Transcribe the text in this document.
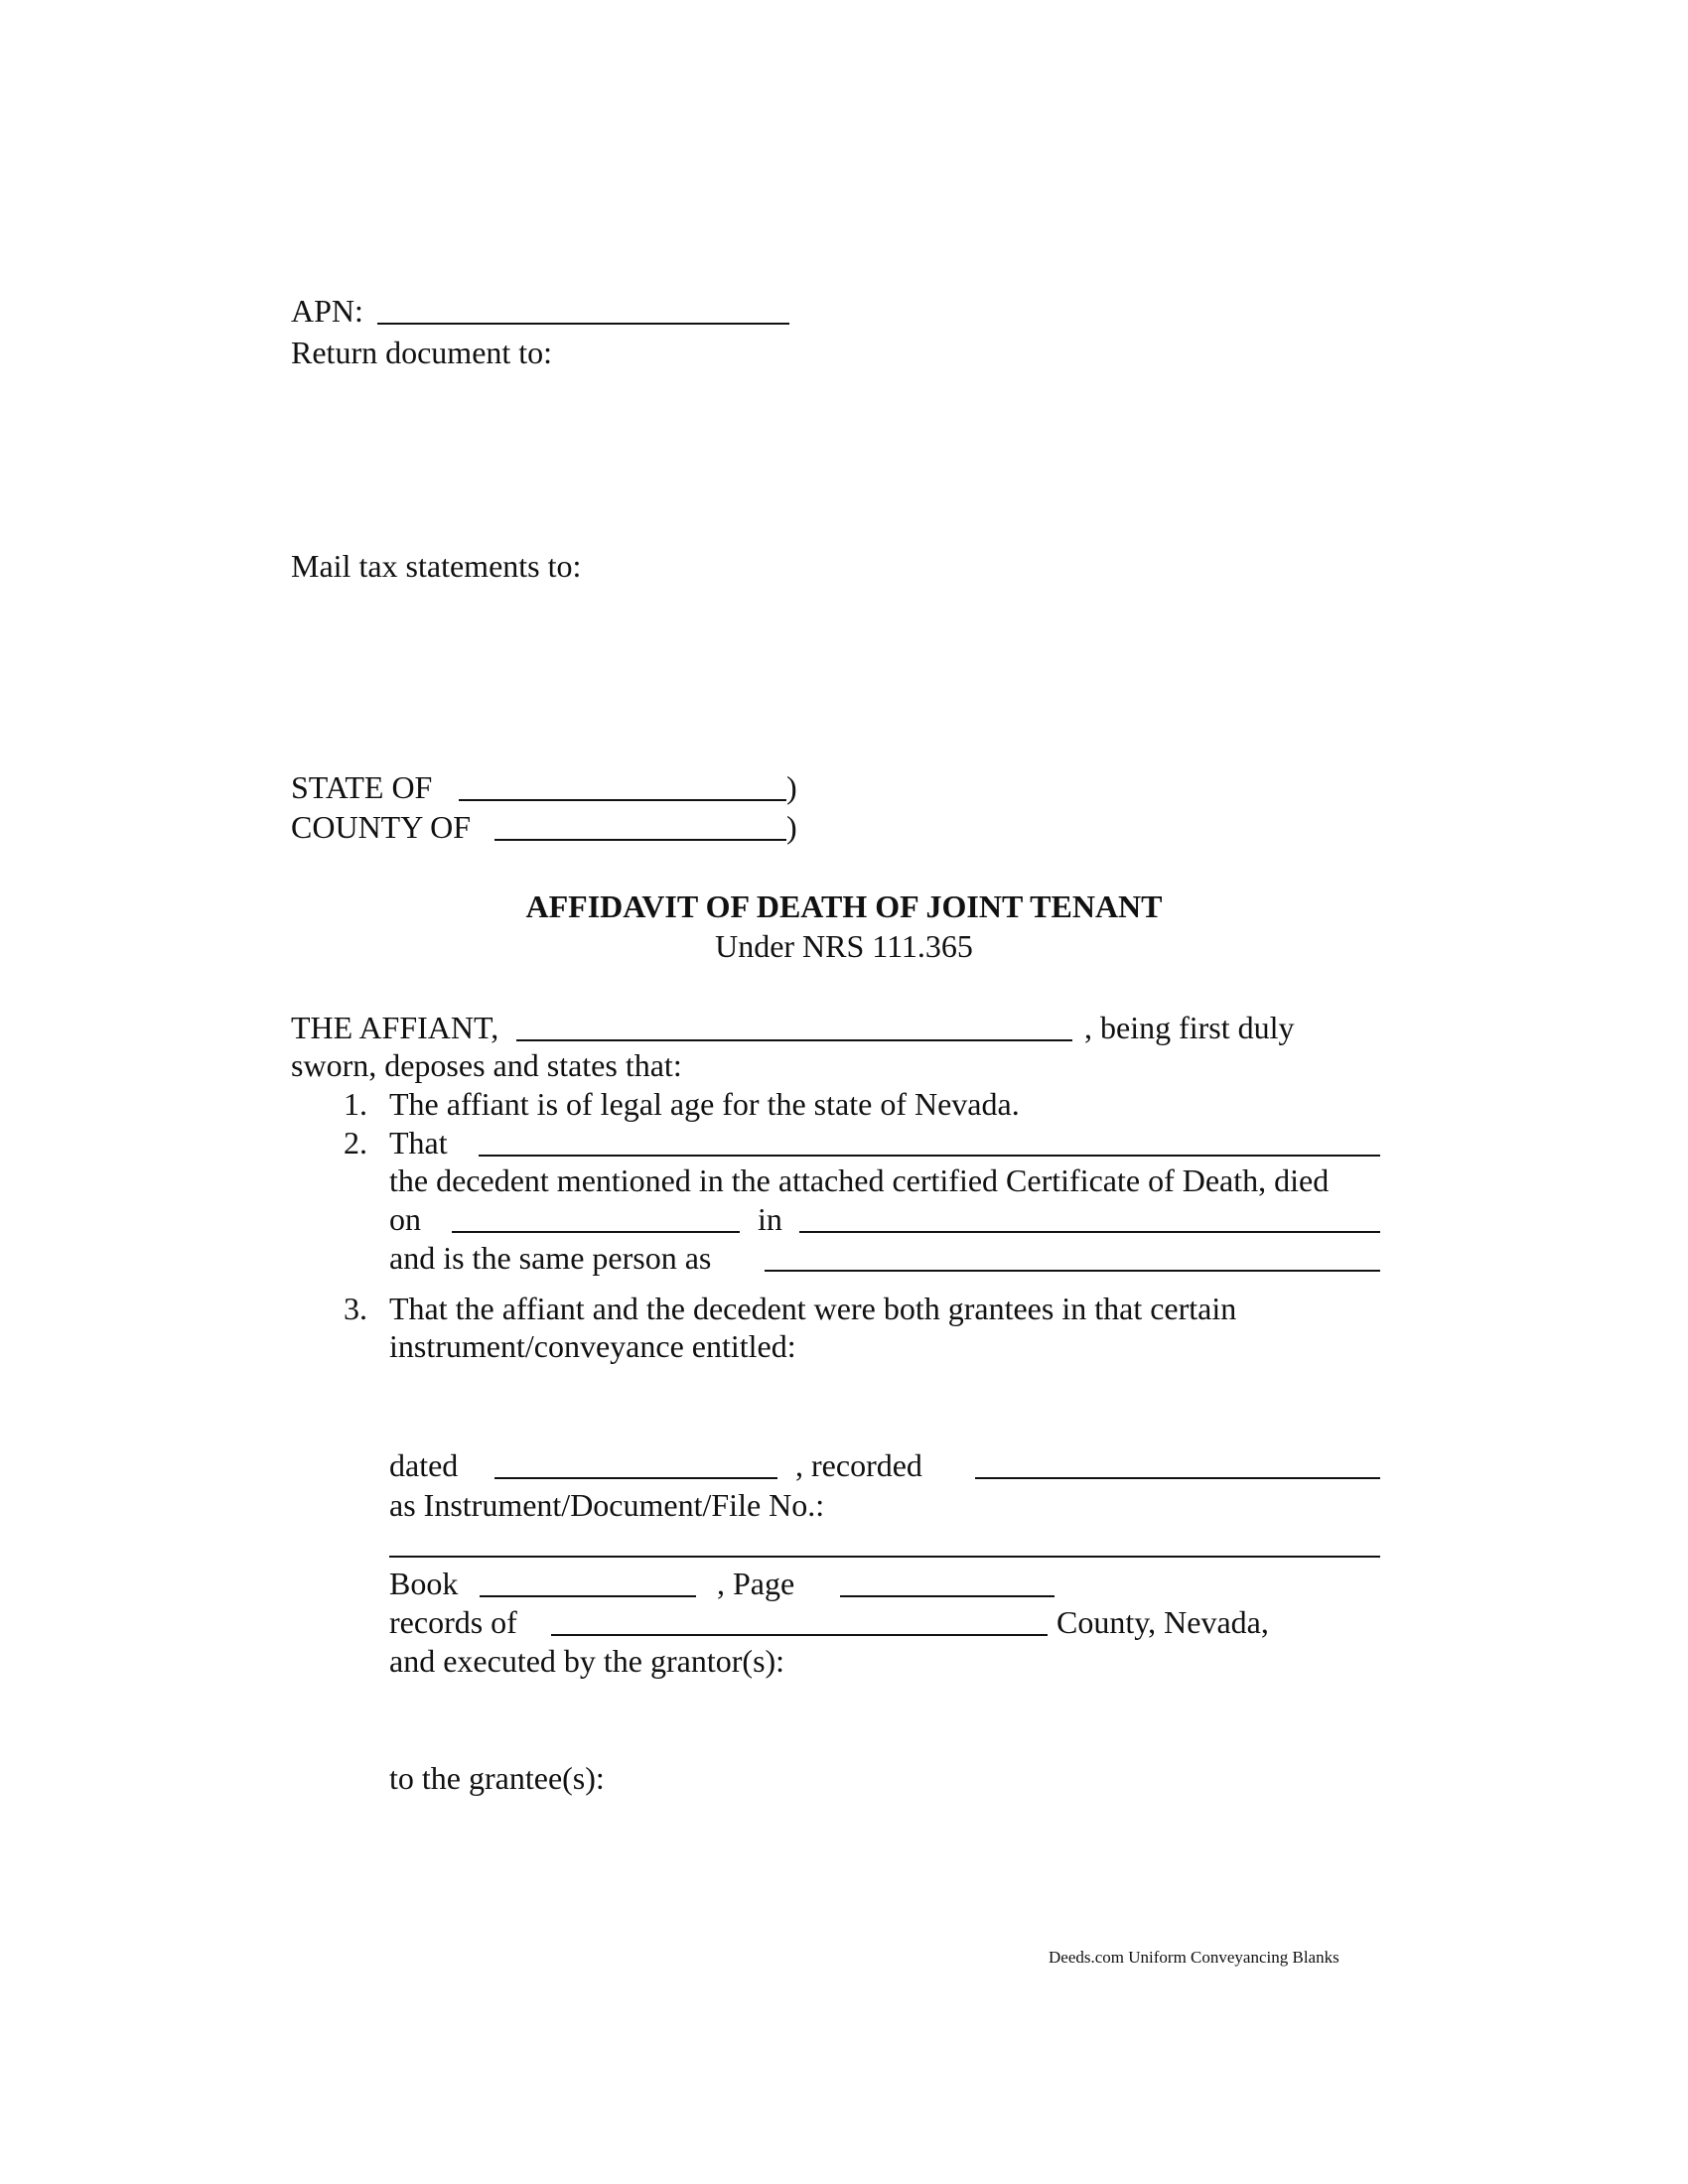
APN:
Return document to:
Mail tax statements to:
STATE OF	)
COUNTY OF	)
AFFIDAVIT OF DEATH OF JOINT TENANT
Under NRS 111.365
THE AFFIANT,	, being first duly
sworn, deposes and states that:
1. The affiant is of legal age for the state of Nevada.
2. That
the decedent mentioned in the attached certified Certificate of Death, died
on	in
and is the same person as
3. That the affiant and the decedent were both grantees in that certain
instrument/conveyance entitled:
dated	, recorded
as Instrument/Document/File No.:
Book	, Page
records of	County, Nevada,
and executed by the grantor(s):
to the grantee(s):
Deeds.com Uniform Conveyancing Blanks
